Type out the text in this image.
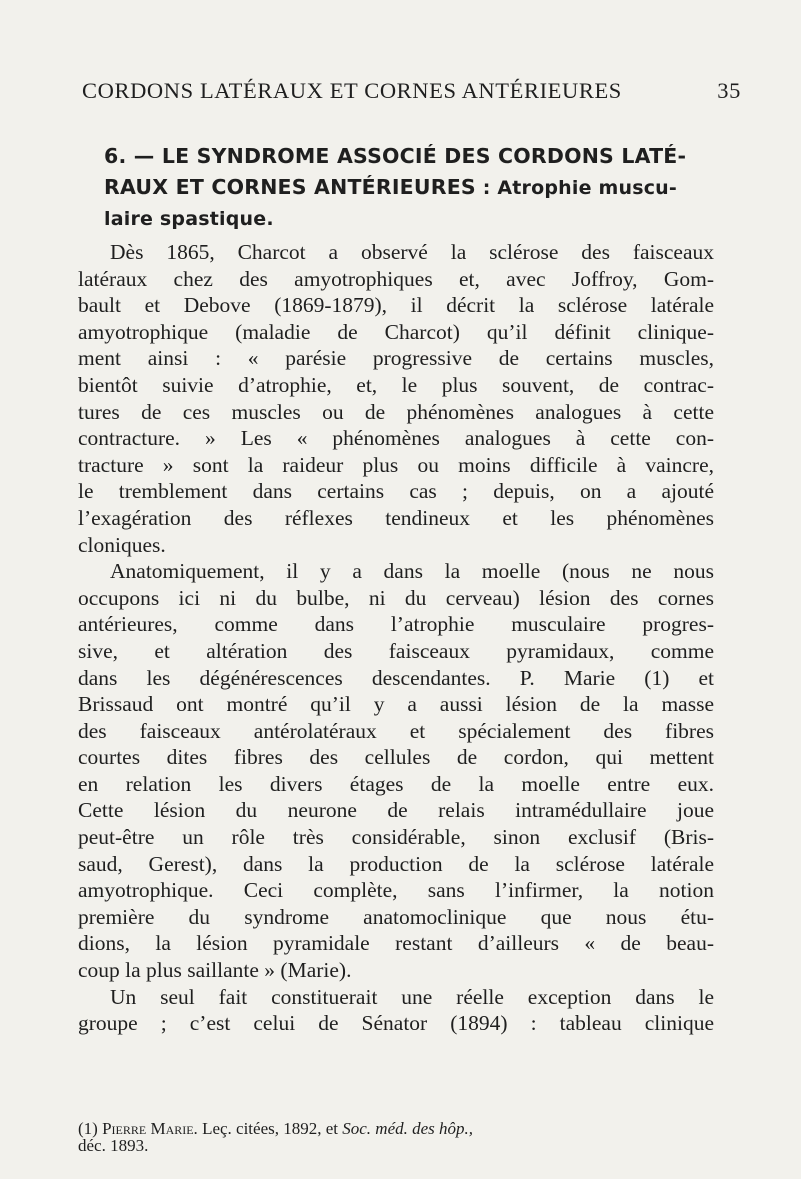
CORDONS LATÉRAUX ET CORNES ANTÉRIEURES	35
6. — LE SYNDROME ASSOCIÉ DES CORDONS LATÉ-
RAUX ET CORNES ANTÉRIEURES : Atrophie muscu-
laire spastique.
Dès 1865, Charcot a observé la sclérose des faisceaux
latéraux chez des amyotrophiques et, avec Joffroy, Gom-
bault et Debove (1869-1879), il décrit la sclérose latérale
amyotrophique (maladie de Charcot) qu’il définit clinique-
ment ainsi : « parésie progressive de certains muscles,
bientôt suivie d’atrophie, et, le plus souvent, de contrac-
tures de ces muscles ou de phénomènes analogues à cette
contracture. » Les « phénomènes analogues à cette con-
tracture » sont la raideur plus ou moins difficile à vaincre,
le tremblement dans certains cas ; depuis, on a ajouté
l’exagération des réflexes tendineux et les phénomènes
cloniques.
Anatomiquement, il y a dans la moelle (nous ne nous
occupons ici ni du bulbe, ni du cerveau) lésion des cornes
antérieures, comme dans l’atrophie musculaire progres-
sive, et altération des faisceaux pyramidaux, comme
dans les dégénérescences descendantes. P. Marie (1) et
Brissaud ont montré qu’il y a aussi lésion de la masse
des faisceaux antérolatéraux et spécialement des fibres
courtes dites fibres des cellules de cordon, qui mettent
en relation les divers étages de la moelle entre eux.
Cette lésion du neurone de relais intramédullaire joue
peut-être un rôle très considérable, sinon exclusif (Bris-
saud, Gerest), dans la production de la sclérose latérale
amyotrophique. Ceci complète, sans l’infirmer, la notion
première du syndrome anatomoclinique que nous étu-
dions, la lésion pyramidale restant d’ailleurs « de beau-
coup la plus saillante » (Marie).
Un seul fait constituerait une réelle exception dans le
groupe ; c’est celui de Sénator (1894) : tableau clinique
(1) Pierre Marie. Leç. citées, 1892, et Soc. méd. des hôp.,
déc. 1893.
